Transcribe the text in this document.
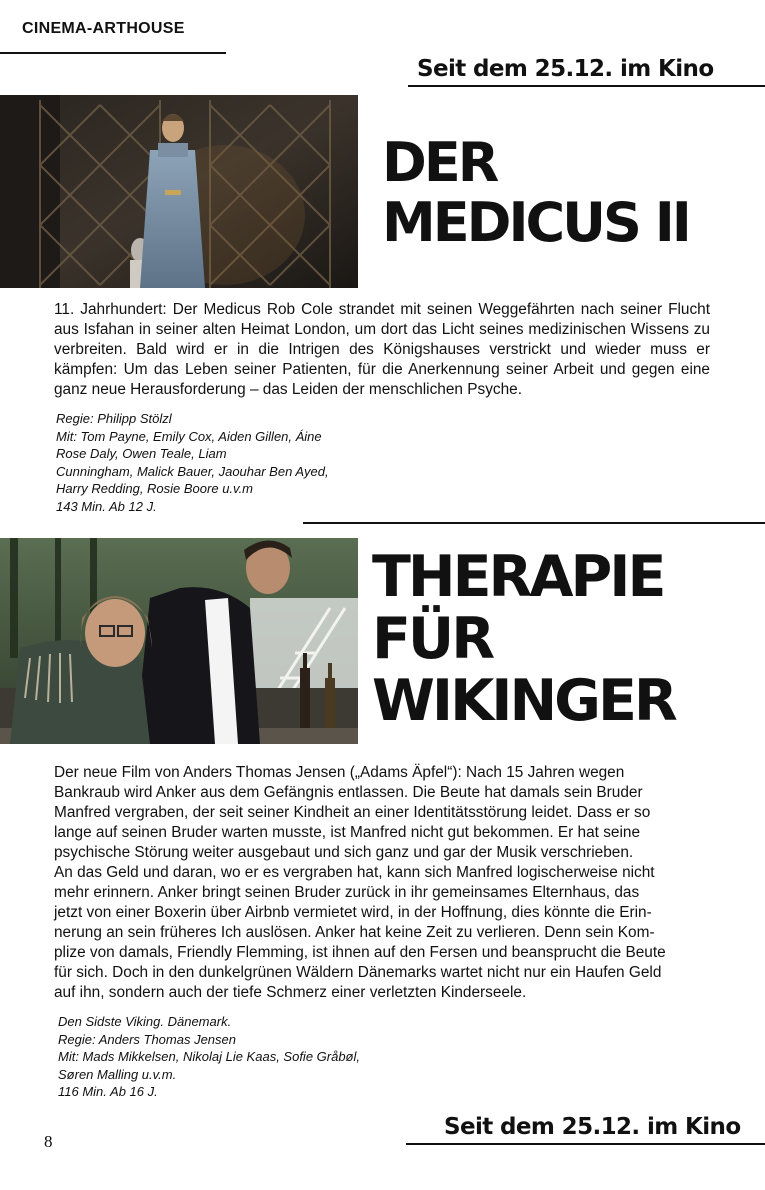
CINEMA-ARTHOUSE
Seit dem 25.12. im Kino
DER
MEDICUS II

11. Jahrhundert: Der Medicus Rob Cole strandet mit seinen Weggefährten nach seiner Flucht aus Isfahan in seiner alten Heimat London, um dort das Licht seines medizinischen Wissens zu verbreiten. Bald wird er in die Intrigen des Königshauses verstrickt und wieder muss er kämpfen: Um das Leben seiner Patienten, für die Anerkennung seiner Arbeit und gegen eine ganz neue Herausforderung – das Leiden der menschlichen Psyche.

Regie: Philipp Stölzl
Mit: Tom Payne, Emily Cox, Aiden Gillen, Áine
Rose Daly, Owen Teale, Liam
Cunningham, Malick Bauer, Jaouhar Ben Ayed,
Harry Redding, Rosie Boore u.v.m
143 Min. Ab 12 J.
THERAPIE
FÜR
WIKINGER
Der neue Film von Anders Thomas Jensen („Adams Äpfel“): Nach 15 Jahren wegen
Bankraub wird Anker aus dem Gefängnis entlassen. Die Beute hat damals sein Bruder
Manfred vergraben, der seit seiner Kindheit an einer Identitätsstörung leidet. Dass er so
lange auf seinen Bruder warten musste, ist Manfred nicht gut bekommen. Er hat seine
psychische Störung weiter ausgebaut und sich ganz und gar der Musik verschrieben.
An das Geld und daran, wo er es vergraben hat, kann sich Manfred logischerweise nicht
mehr erinnern. Anker bringt seinen Bruder zurück in ihr gemeinsames Elternhaus, das
jetzt von einer Boxerin über Airbnb vermietet wird, in der Hoffnung, dies könnte die Erin-
nerung an sein früheres Ich auslösen. Anker hat keine Zeit zu verlieren. Denn sein Kom-
plize von damals, Friendly Flemming, ist ihnen auf den Fersen und beansprucht die Beute
für sich. Doch in den dunkelgrünen Wäldern Dänemarks wartet nicht nur ein Haufen Geld
auf ihn, sondern auch der tiefe Schmerz einer verletzten Kinderseele.
Den Sidste Viking. Dänemark.
Regie: Anders Thomas Jensen
Mit: Mads Mikkelsen, Nikolaj Lie Kaas, Sofie Gråbøl,
Søren Malling u.v.m.
116 Min. Ab 16 J.
8
Seit dem 25.12. im Kino
